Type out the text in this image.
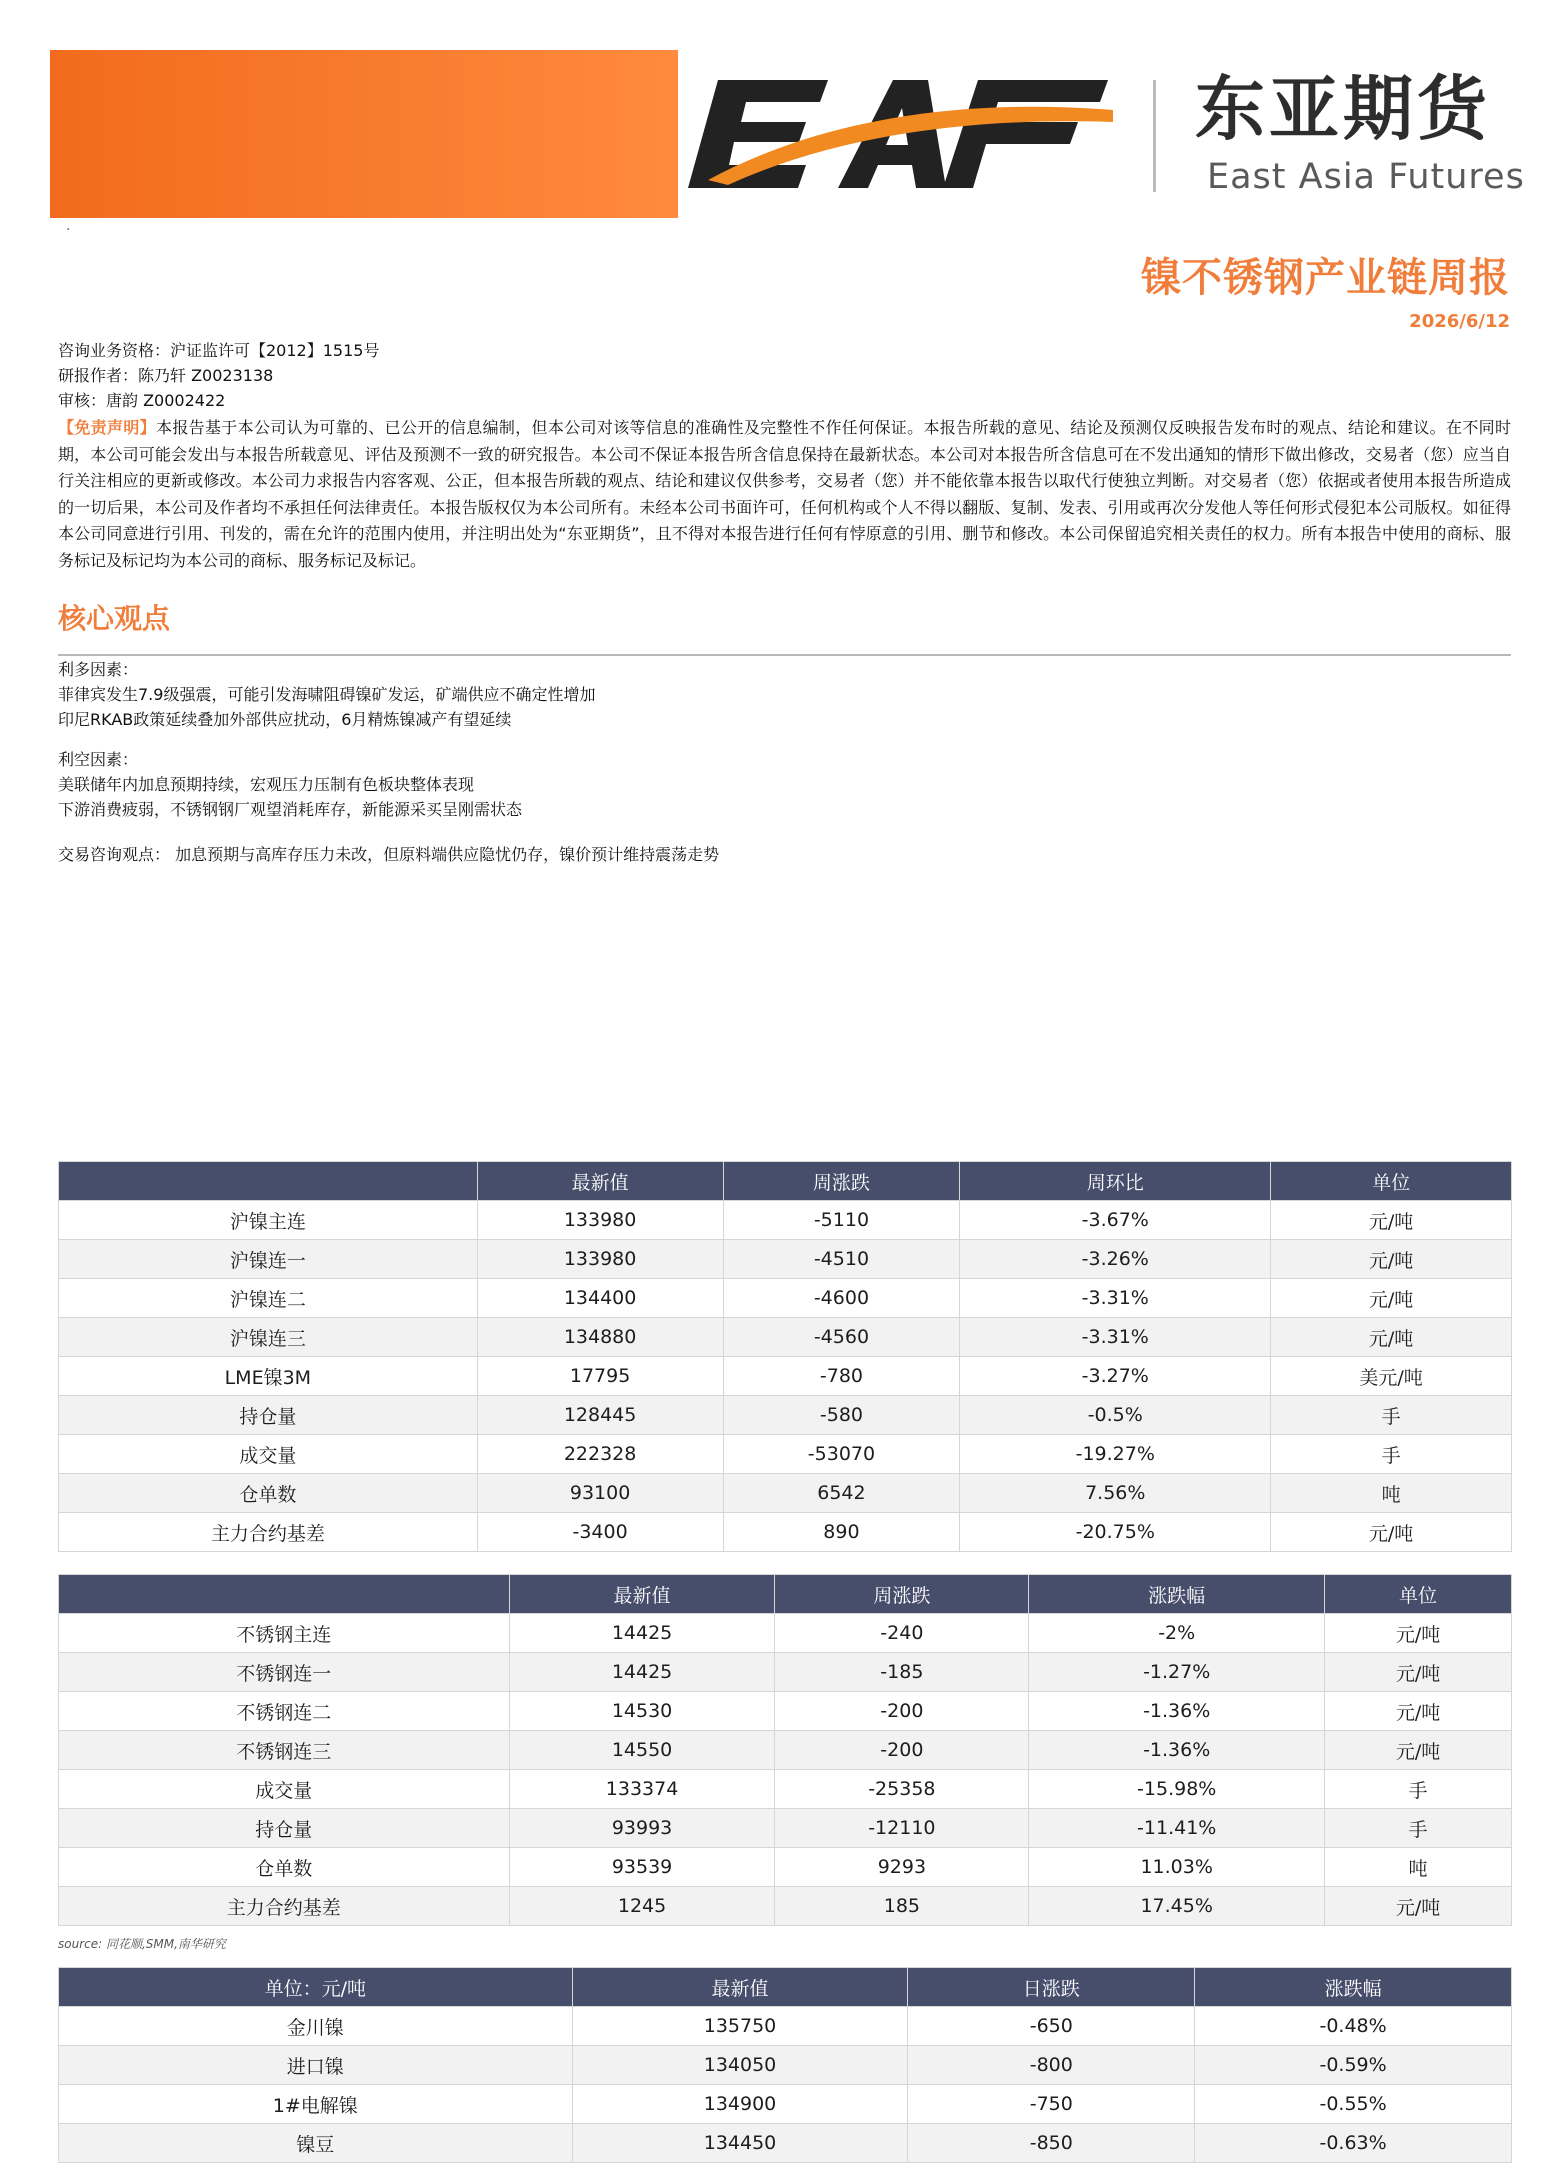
东亚期货
East Asia Futures
·
镍不锈钢产业链周报
2026/6/12
咨询业务资格：沪证监许可【2012】1515号
研报作者：陈乃轩 Z0023138
审核：唐韵 Z0002422
【免责声明】本报告基于本公司认为可靠的、已公开的信息编制，但本公司对该等信息的准确性及完整性不作任何保证。本报告所载的意见、结论及预测仅反映报告发布时的观点、结论和建议。在不同时期，本公司可能会发出与本报告所载意见、评估及预测不一致的研究报告。本公司不保证本报告所含信息保持在最新状态。本公司对本报告所含信息可在不发出通知的情形下做出修改，交易者（您）应当自行关注相应的更新或修改。本公司力求报告内容客观、公正，但本报告所载的观点、结论和建议仅供参考，交易者（您）并不能依靠本报告以取代行使独立判断。对交易者（您）依据或者使用本报告所造成的一切后果，本公司及作者均不承担任何法律责任。本报告版权仅为本公司所有。未经本公司书面许可，任何机构或个人不得以翻版、复制、发表、引用或再次分发他人等任何形式侵犯本公司版权。如征得本公司同意进行引用、刊发的，需在允许的范围内使用，并注明出处为“东亚期货”，且不得对本报告进行任何有悖原意的引用、删节和修改。本公司保留追究相关责任的权力。所有本报告中使用的商标、服务标记及标记均为本公司的商标、服务标记及标记。
核心观点
利多因素：
菲律宾发生7.9级强震，可能引发海啸阻碍镍矿发运，矿端供应不确定性增加
印尼RKAB政策延续叠加外部供应扰动，6月精炼镍减产有望延续
利空因素：
美联储年内加息预期持续，宏观压力压制有色板块整体表现
下游消费疲弱，不锈钢钢厂观望消耗库存，新能源采买呈刚需状态
交易咨询观点： 加息预期与高库存压力未改，但原料端供应隐忧仍存，镍价预计维持震荡走势
	最新值	周涨跌	周环比	单位
沪镍主连	133980	-5110	-3.67%	元/吨
沪镍连一	133980	-4510	-3.26%	元/吨
沪镍连二	134400	-4600	-3.31%	元/吨
沪镍连三	134880	-4560	-3.31%	元/吨
LME镍3M	17795	-780	-3.27%	美元/吨
持仓量	128445	-580	-0.5%	手
成交量	222328	-53070	-19.27%	手
仓单数	93100	6542	7.56%	吨
主力合约基差	-3400	890	-20.75%	元/吨
	最新值	周涨跌	涨跌幅	单位
不锈钢主连	14425	-240	-2%	元/吨
不锈钢连一	14425	-185	-1.27%	元/吨
不锈钢连二	14530	-200	-1.36%	元/吨
不锈钢连三	14550	-200	-1.36%	元/吨
成交量	133374	-25358	-15.98%	手
持仓量	93993	-12110	-11.41%	手
仓单数	93539	9293	11.03%	吨
主力合约基差	1245	185	17.45%	元/吨
source: 同花顺,SMM,南华研究
单位：元/吨	最新值	日涨跌	涨跌幅
金川镍	135750	-650	-0.48%
进口镍	134050	-800	-0.59%
1#电解镍	134900	-750	-0.55%
镍豆	134450	-850	-0.63%
